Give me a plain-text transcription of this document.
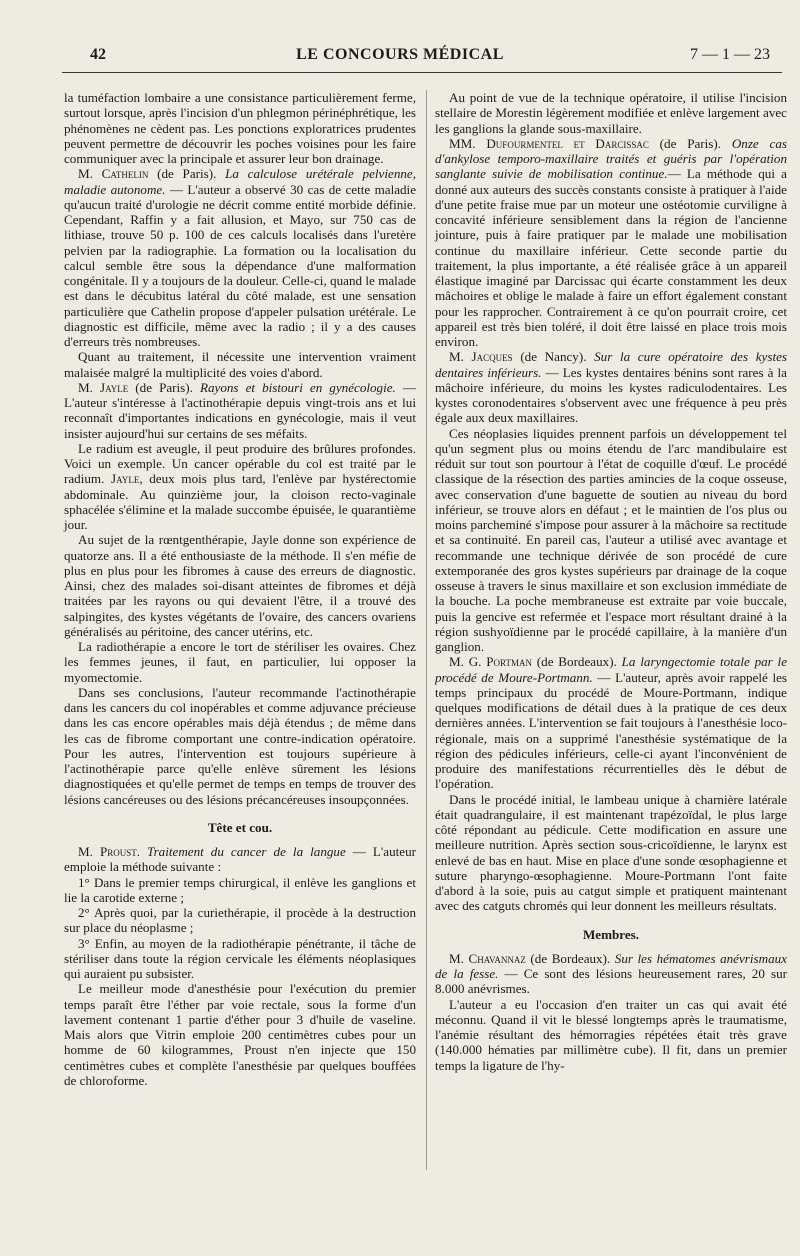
42	LE CONCOURS MÉDICAL	7 — 1 — 23

la tuméfaction lombaire a une consistance particulièrement ferme, surtout lorsque, après l'incision d'un phlegmon périnéphrétique, les phénomènes ne cèdent pas. Les ponctions exploratrices prudentes peuvent permettre de découvrir les poches voisines pour les faire communiquer avec la principale et assurer leur bon drainage.

M. Cathelin (de Paris). La calculose urétérale pelvienne, maladie autonome. — L'auteur a observé 30 cas de cette maladie qu'aucun traité d'urologie ne décrit comme entité morbide définie. Cependant, Raffin y a fait allusion, et Mayo, sur 750 cas de lithiase, trouve 50 p. 100 de ces calculs localisés dans l'uretère pelvien par la radiographie. La formation ou la localisation du calcul semble être sous la dépendance d'une malformation congénitale. Il y a toujours de la douleur. Celle-ci, quand le malade est dans le décubitus latéral du côté malade, est une sensation particulière que Cathelin propose d'appeler pulsation urétérale. Le diagnostic est difficile, même avec la radio ; il y a des causes d'erreurs très nombreuses.

Quant au traitement, il nécessite une intervention vraiment malaisée malgré la multiplicité des voies d'abord.

M. Jayle (de Paris). Rayons et bistouri en gynécologie. — L'auteur s'intéresse à l'actinothérapie depuis vingt-trois ans et lui reconnaît d'importantes indications en gynécologie, mais il veut insister aujourd'hui sur certains de ses méfaits.

Le radium est aveugle, il peut produire des brûlures profondes. Voici un exemple. Un cancer opérable du col est traité par le radium. Jayle, deux mois plus tard, l'enlève par hystérectomie abdominale. Au quinzième jour, la cloison recto-vaginale sphacélée s'élimine et la malade succombe épuisée, le quarantième jour.

Au sujet de la rœntgenthérapie, Jayle donne son expérience de quatorze ans. Il a été enthousiaste de la méthode. Il s'en méfie de plus en plus pour les fibromes à cause des erreurs de diagnostic. Ainsi, chez des malades soi-disant atteintes de fibromes et déjà traitées par les rayons ou qui devaient l'être, il a trouvé des salpingites, des kystes végétants de l'ovaire, des cancers ovariens généralisés au péritoine, des cancer utérins, etc.

La radiothérapie a encore le tort de stériliser les ovaires. Chez les femmes jeunes, il faut, en particulier, lui opposer la myomectomie.

Dans ses conclusions, l'auteur recommande l'actinothérapie dans les cancers du col inopérables et comme adjuvance précieuse dans les cas encore opérables mais déjà étendus ; de même dans les cas de fibrome comportant une contre-indication opératoire. Pour les autres, l'intervention est toujours supérieure à l'actinothérapie parce qu'elle enlève sûrement les lésions diagnostiquées et qu'elle permet de temps en temps de trouver des lésions cancéreuses ou des lésions précancéreuses insoupçonnées.

Tête et cou.

M. Proust. Traitement du cancer de la langue — L'auteur emploie la méthode suivante :

1° Dans le premier temps chirurgical, il enlève les ganglions et lie la carotide externe ;

2° Après quoi, par la curiethérapie, il procède à la destruction sur place du néoplasme ;

3° Enfin, au moyen de la radiothérapie pénétrante, il tâche de stériliser dans toute la région cervicale les éléments néoplasiques qui auraient pu subsister.

Le meilleur mode d'anesthésie pour l'exécution du premier temps paraît être l'éther par voie rectale, sous la forme d'un lavement contenant 1 partie d'éther pour 3 d'huile de vaseline. Mais alors que Vitrin emploie 200 centimètres cubes pour un homme de 60 kilogrammes, Proust n'en injecte que 150 centimètres cubes et complète l'anesthésie par quelques bouffées de chloroforme.

Au point de vue de la technique opératoire, il utilise l'incision stellaire de Morestin légèrement modifiée et enlève largement avec les ganglions la glande sous-maxillaire.

MM. Dufourmentel et Darcissac (de Paris). Onze cas d'ankylose temporo-maxillaire traités et guéris par l'opération sanglante suivie de mobilisation continue.— La méthode qui a donné aux auteurs des succès constants consiste à pratiquer à l'aide d'une petite fraise mue par un moteur une ostéotomie curviligne à concavité inférieure sensiblement dans la région de l'ancienne jointure, puis à faire pratiquer par le malade une mobilisation continue du maxillaire inférieur. Cette seconde partie du traitement, la plus importante, a été réalisée grâce à un appareil élastique imaginé par Darcissac qui écarte constamment les deux mâchoires et oblige le malade à faire un effort également constant pour les rapprocher. Contrairement à ce qu'on pourrait croire, cet appareil est très bien toléré, il doit être laissé en place trois mois environ.

M. Jacques (de Nancy). Sur la cure opératoire des kystes dentaires inférieurs. — Les kystes dentaires bénins sont rares à la mâchoire inférieure, du moins les kystes radiculodentaires. Les kystes coronodentaires s'observent avec une fréquence à peu près égale aux deux maxillaires.

Ces néoplasies liquides prennent parfois un développement tel qu'un segment plus ou moins étendu de l'arc mandibulaire est réduit sur tout son pourtour à l'état de coquille d'œuf. Le procédé classique de la résection des parties amincies de la coque osseuse, avec conservation d'une baguette de soutien au niveau du bord inférieur, se trouve alors en défaut ; et le maintien de l'os plus ou moins parcheminé s'impose pour assurer à la mâchoire sa rectitude et sa continuité. En pareil cas, l'auteur a utilisé avec avantage et recommande une technique dérivée de son procédé de cure extemporanée des gros kystes supérieurs par drainage de la coque osseuse à travers le sinus maxillaire et son exclusion immédiate de la bouche. La poche membraneuse est extraite par voie buccale, puis la gencive est refermée et l'espace mort résultant drainé à la région sushyoïdienne par le procédé capillaire, à la manière d'un ganglion.

M. G. Portman (de Bordeaux). La laryngectomie totale par le procédé de Moure-Portmann. — L'auteur, après avoir rappelé les temps principaux du procédé de Moure-Portmann, indique quelques modifications de détail dues à la pratique de ces deux dernières années. L'intervention se fait toujours à l'anesthésie loco-régionale, mais on a supprimé l'anesthésie systématique de la région des pédicules inférieurs, celle-ci ayant l'inconvénient de produire des manifestations récurrentielles dès le début de l'opération.

Dans le procédé initial, le lambeau unique à charnière latérale était quadrangulaire, il est maintenant trapézoïdal, le plus large côté répondant au pédicule. Cette modification en assure une meilleure nutrition. Après section sous-cricoïdienne, le larynx est enlevé de bas en haut. Mise en place d'une sonde œsophagienne et suture pharyngo-œsophagienne. Moure-Portmann l'ont faite d'abord à la soie, puis au catgut simple et pratiquent maintenant avec des catguts chromés qui leur donnent les meilleurs résultats.

Membres.

M. Chavannaz (de Bordeaux). Sur les hématomes anévrismaux de la fesse. — Ce sont des lésions heureusement rares, 20 sur 8.000 anévrismes.

L'auteur a eu l'occasion d'en traiter un cas qui avait été méconnu. Quand il vit le blessé longtemps après le traumatisme, l'anémie résultant des hémorragies répétées était très grave (140.000 hématies par millimètre cube). Il fit, dans un premier temps la ligature de l'hy-
